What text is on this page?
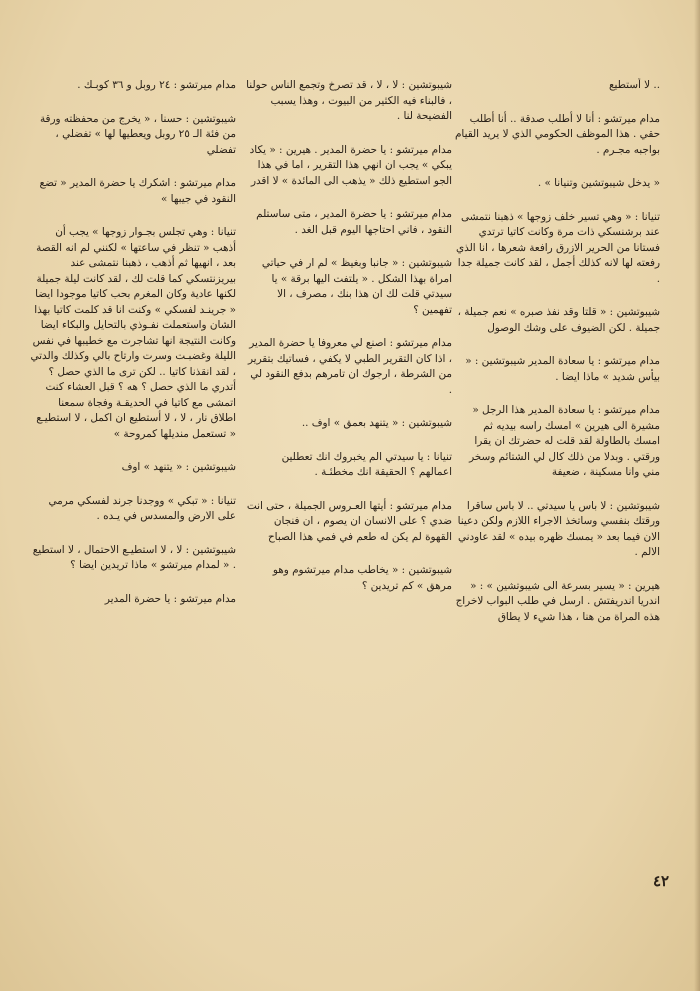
.. لا أستطيع

مدام ميرتشو : أنا لا أطلب صدقة .. أنا أطلب حقي . هذا الموظف الحكومي الذي لا يريد القيام بواجبه مجـرم .

« يدخل شيبوتشين وتنيانا » .

تنيانا : « وهي تسير خلف زوجها » ذهبنا نتمشى عند برشنسكي ذات مرة وكانت كاتيا ترتدي فستانا من الحرير الازرق رافعة شعرها ، انا الذي رفعته لها لانه كذلك أجمل ، لقد كانت جميلة جدا .

شيبوتشين : « قلتا وقد نفذ صبره » نعم جميلة ، جميلة . لكن الضيوف على وشك الوصول

مدام ميرتشو : يا سعادة المدير شيبوتشين : « بيأس شديد » ماذا ايضا .

مدام ميرتشو : يا سعادة المدير هذا الرجل « مشيرة الى هيرين » امسك راسه بيديه ثم امسك بالطاولة لقد قلت له حضرتك ان يقرا ورقتي . وبدلا من ذلك كال لي الشتائم وسخر مني وانا مسكينة ، ضعيفة

شيبوتشين : لا باس يا سيدتي .. لا باس ساقرا ورقتك بنفسي وساتخذ الاجراء اللازم ولكن دعينا الان فيما بعد « يمسك ظهره بيده » لقد عاودني الالم .

هيرين : « يسير بسرعة الى شيبوتشين » : « اندريا اندريفتش . ارسل في طلب البواب لاخراج هذه المراة من هنا ، هذا شيء لا يطاق

شيبوتشين : لا ، لا ، قد تصرخ وتجمع الناس حولنا ، فالبناء فيه الكثير من البيوت ، وهذا يسبب الفضيحة لنا .

مدام ميرتشو : يا حضرة المدير . هيرين : « يكاد يبكي » يجب ان انهي هذا التقرير ، اما في هذا الجو استطيع ذلك « يذهب الى المائدة » لا اقدر

مدام ميرتشو : يا حضرة المدير ، متى ساستلم النقود ، فاني احتاجها اليوم قبل الغد .

شيبوتشين : « جانبا وبغيظ » لم ار في حياتي امراة بهذا الشكل . « يلتفت اليها برقة » يا سيدتي قلت لك ان هذا بنك ، مصرف ، الا تفهمين ؟

مدام ميرتشو : اصنع لي معروفا يا حضرة المدير ، اذا كان التقرير الطبي لا يكفي ، فساتيك بتقرير من الشرطة ، ارجوك ان تامرهم بدفع النقود لي .

شيبوتشين : « يتنهد بعمق » اوف ..

تنيانا : يا سيدتي الم يخبروك انك تعطلين اعمالهم ؟ الحقيقة انك مخطئـة .

مدام ميرتشو : أيتها العـروس الجميلة ، حتى انت ضدي ؟ على الانسان ان يصوم ، ان فنجان القهوة لم يكن له طعم في فمي هذا الصباح

شيبوتشين : « يخاطب مدام ميرتشوم وهو مرهق » كم تريدين ؟

مدام ميرتشو : ٢٤ روبل و ٣٦ كوبـك .

شيبوتشين : حسنا ، « يخرج من محفظته ورقة من فئة الـ ٢٥ روبل ويعطيها لها » تفضلي ، تفضلي

مدام ميرتشو : اشكرك يا حضرة المدير « تضع النقود في جيبها »

تنيانا : وهي تجلس بجـوار زوجها » يجب أن أذهب « تنظر في ساعتها » لكنني لم انه القصة بعد ، انهيها ثم أذهب ، ذهبنا نتمشى عند بيريزنتسكي كما قلت لك ، لقد كانت ليلة جميلة لكنها عادية وكان المغرم بحب كاتيا موجودا ايضا « جرينـد لفسكي » وكنت انا قد كلمت كاتيا بهذا الشان واستعملت نفـوذي بالتحايل والبكاء ايضا وكانت النتيجة انها تشاجرت مع خطيبها في نفس الليلة وغضبـت وسرت وارتاح بالي وكذلك والدتي ، لقد انقذنا كاتيا .. لكن ترى ما الذي حصل ؟ أتدري ما الذي حصل ؟ هه ؟ قبل العشاء كنت اتمشى مع كاتيا في الحديقـة وفجاة سمعنا اطلاق نار ، لا ، لا أستطيع ان اكمل ، لا استطيـع « تستعمل منديلها كمروحة »

شيبوتشين : « يتنهد » اوف

تنيانا : « تبكي » ووجدنا جرند لفسكي مرمي على الارض والمسدس في يـده .

شيبوتشين : لا ، لا استطيـع الاحتمال ، لا استطيع . « لمدام ميرتشو » ماذا تريدين ايضا ؟

مدام ميرتشو : يا حضرة المدير

٤٢
